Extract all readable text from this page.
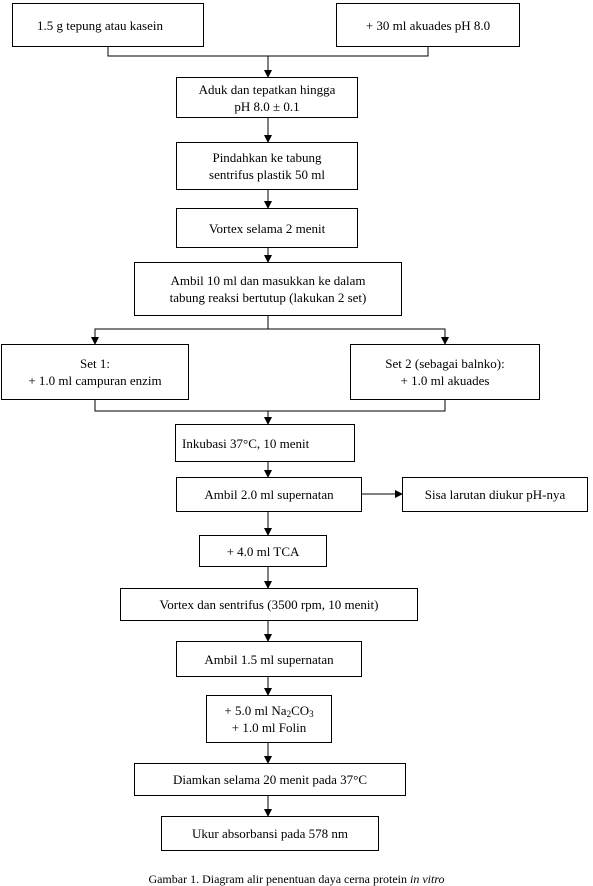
1.5 g tepung atau kasein	+ 30 ml akuades pH 8.0
Aduk dan tepatkan hingga
pH 8.0 ± 0.1
Pindahkan ke tabung
sentrifus plastik 50 ml
Vortex selama 2 menit
Ambil 10 ml dan masukkan ke dalam
tabung reaksi bertutup (lakukan 2 set)
Set 1:
+ 1.0 ml campuran enzim
Set 2 (sebagai balnko):
+ 1.0 ml akuades
Inkubasi 37°C, 10 menit
Ambil 2.0 ml supernatan	Sisa larutan diukur pH-nya
+ 4.0 ml TCA
Vortex dan sentrifus (3500 rpm, 10 menit)
Ambil 1.5 ml supernatan
+ 5.0 ml $Na_2CO_3$
+ 1.0 ml Folin
Diamkan selama 20 menit pada 37°C
Ukur absorbansi pada 578 nm
Gambar 1. Diagram alir penentuan daya cerna protein in vitro
